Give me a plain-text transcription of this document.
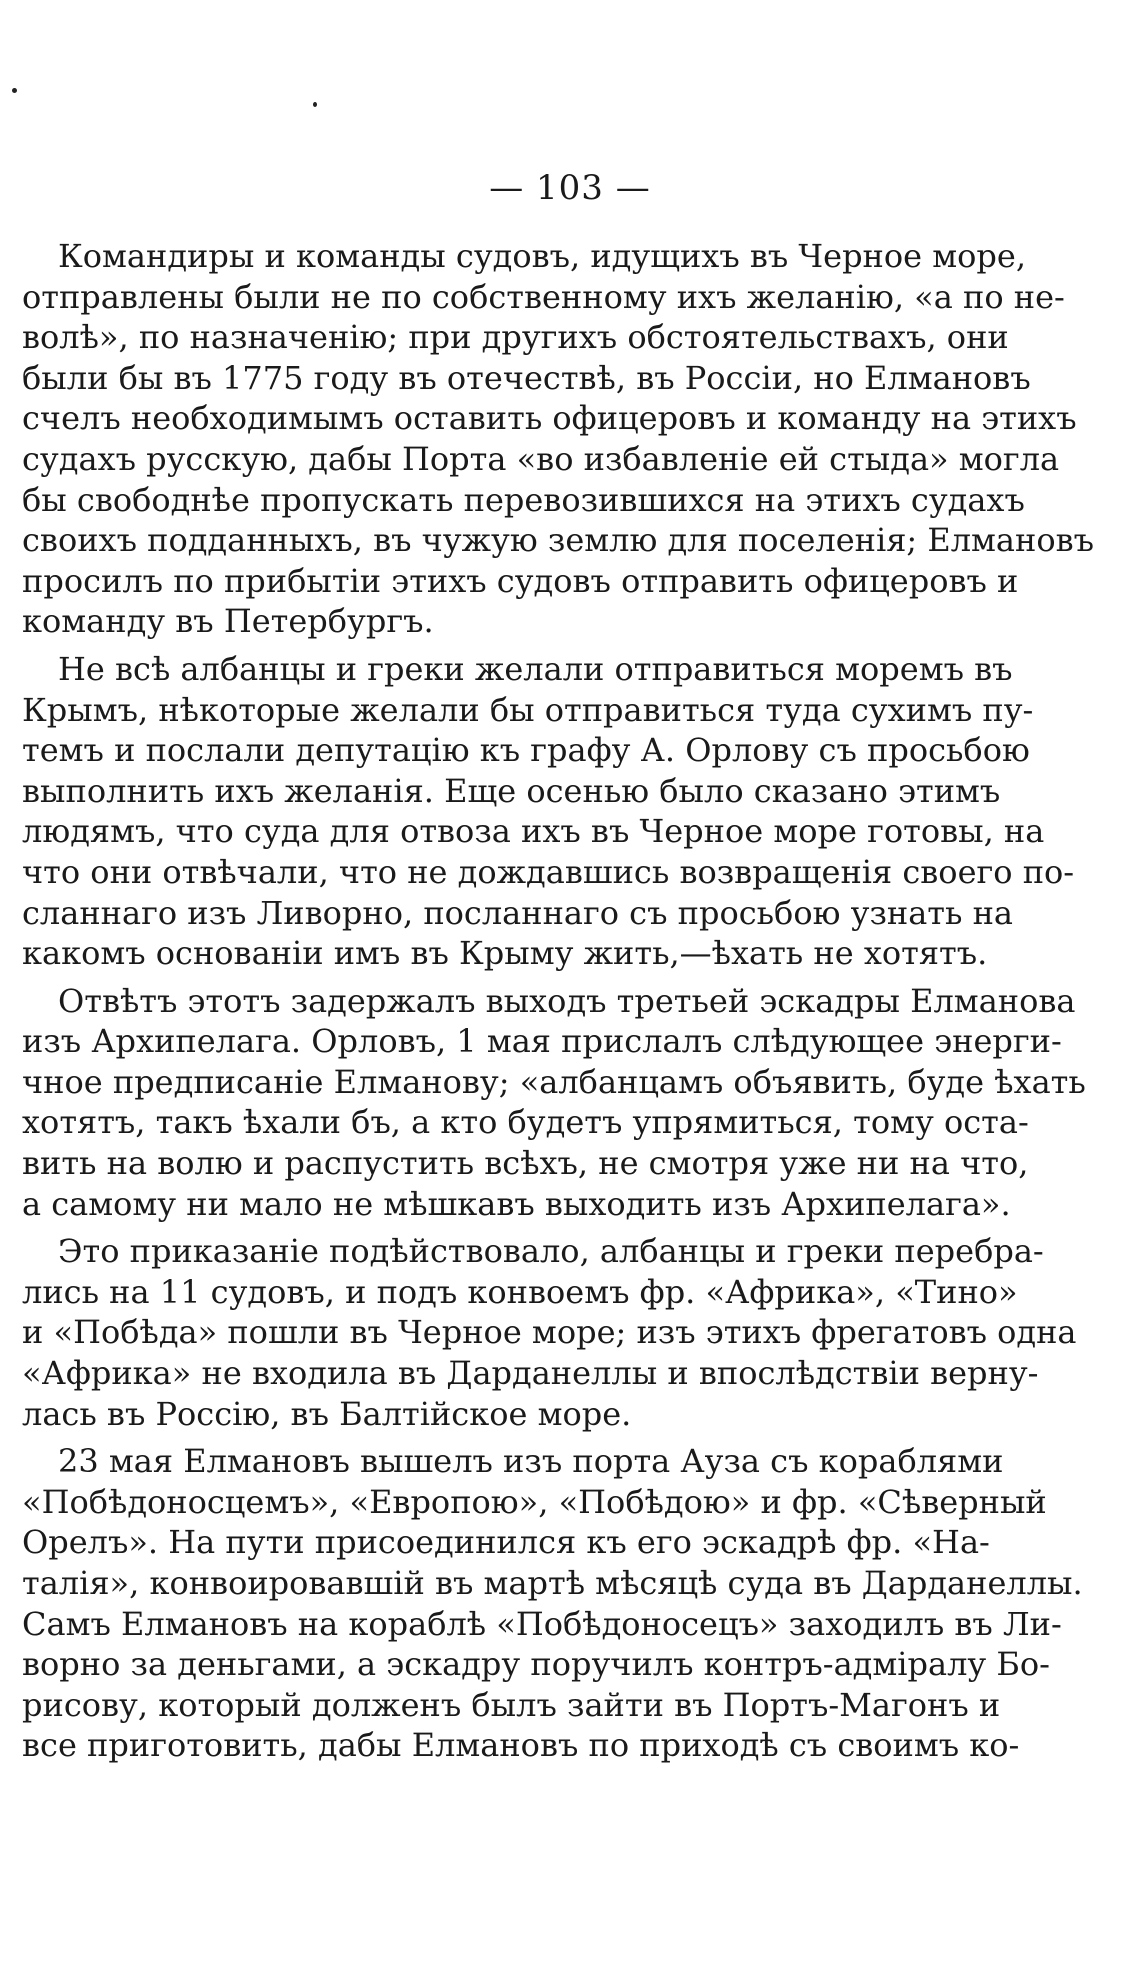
— 103 —
Командиры и команды судовъ, идущихъ въ Черное море,
отправлены были не по собственному ихъ желанію, «а по не-
волѣ», по назначенію; при другихъ обстоятельствахъ, они
были бы въ 1775 году въ отечествѣ, въ Россіи, но Елмановъ
счелъ необходимымъ оставить офицеровъ и команду на этихъ
судахъ русскую, дабы Порта «во избавленіе ей стыда» могла
бы свободнѣе пропускать перевозившихся на этихъ судахъ
своихъ подданныхъ, въ чужую землю для поселенія; Елмановъ
просилъ по прибытіи этихъ судовъ отправить офицеровъ и
команду въ Петербургъ.
Не всѣ албанцы и греки желали отправиться моремъ въ
Крымъ, нѣкоторые желали бы отправиться туда сухимъ пу-
темъ и послали депутацію къ графу А. Орлову съ просьбою
выполнить ихъ желанія. Еще осенью было сказано этимъ
людямъ, что суда для отвоза ихъ въ Черное море готовы, на
что они отвѣчали, что не дождавшись возвращенія своего по-
сланнаго изъ Ливорно, посланнаго съ просьбою узнать на
какомъ основаніи имъ въ Крыму жить,—ѣхать не хотятъ.
Отвѣтъ этотъ задержалъ выходъ третьей эскадры Елманова
изъ Архипелага. Орловъ, 1 мая прислалъ слѣдующее энерги-
чное предписаніе Елманову; «албанцамъ объявить, буде ѣхать
хотятъ, такъ ѣхали бъ, а кто будетъ упрямиться, тому оста-
вить на волю и распустить всѣхъ, не смотря уже ни на что,
а самому ни мало не мѣшкавъ выходить изъ Архипелага».
Это приказаніе подѣйствовало, албанцы и греки перебра-
лись на 11 судовъ, и подъ конвоемъ фр. «Африка», «Тино»
и «Побѣда» пошли въ Черное море; изъ этихъ фрегатовъ одна
«Африка» не входила въ Дарданеллы и впослѣдствіи верну-
лась въ Россію, въ Балтійское море.
23 мая Елмановъ вышелъ изъ порта Ауза съ кораблями
«Побѣдоносцемъ», «Европою», «Побѣдою» и фр. «Сѣверный
Орелъ». На пути присоединился къ его эскадрѣ фр. «На-
талія», конвоировавшій въ мартѣ мѣсяцѣ суда въ Дарданеллы.
Самъ Елмановъ на кораблѣ «Побѣдоносецъ» заходилъ въ Ли-
ворно за деньгами, а эскадру поручилъ контръ-адміралу Бо-
рисову, который долженъ былъ зайти въ Портъ-Магонъ и
все приготовить, дабы Елмановъ по приходѣ съ своимъ ко-
